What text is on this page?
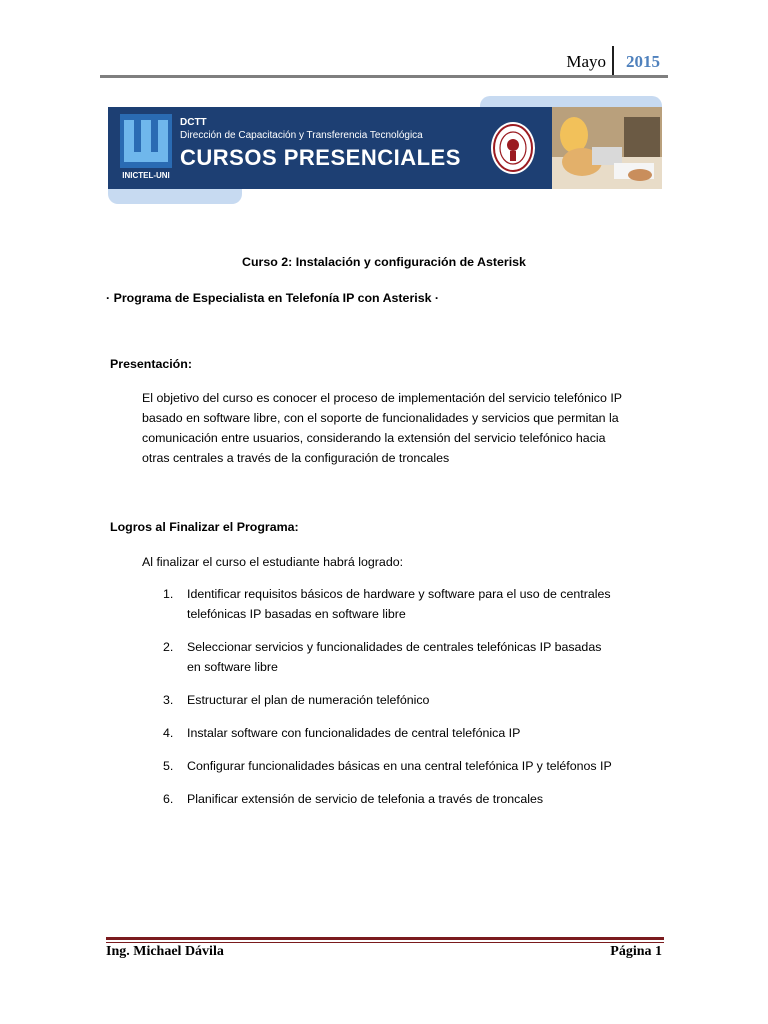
Mayo 2015
INICTEL-UNI
DCTT
Dirección de Capacitación y Transferencia Tecnológica
CURSOS PRESENCIALES
Curso 2: Instalación y configuración de Asterisk
· Programa de Especialista en Telefonía IP con Asterisk ·
Presentación:
El objetivo del curso es conocer el proceso de implementación del servicio telefónico IP basado en software libre, con el soporte de funcionalidades y servicios que permitan la comunicación entre usuarios, considerando la extensión del servicio telefónico hacia otras centrales a través de la configuración de troncales
Logros al Finalizar el Programa:
Al finalizar el curso el estudiante habrá logrado:
1. Identificar requisitos básicos de hardware y software para el uso de centrales telefónicas IP basadas en software libre
2. Seleccionar servicios y funcionalidades de centrales telefónicas IP basadas en software libre
3. Estructurar el plan de numeración telefónico
4. Instalar software con funcionalidades de central telefónica IP
5. Configurar funcionalidades básicas en una central telefónica IP y teléfonos IP
6. Planificar extensión de servicio de telefonia a través de troncales
Ing. Michael Dávila	Página 1
